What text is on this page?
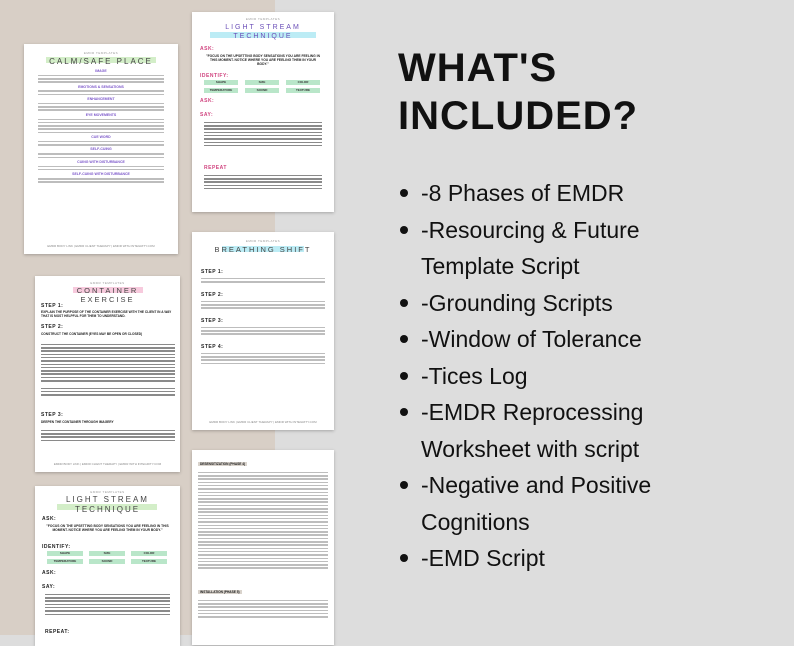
EMDR TEMPLATES
CALM/SAFE PLACE
IMAGE
EMOTIONS & SENSATIONS
ENHANCEMENT
EYE MOVEMENTS
CUE WORD
SELF-CUING
CUING WITH DISTURBANCE
SELF-CUING WITH DISTURBANCE
EMDR BODY LINK | EMDR CLIENT THERAPY | EMDR WITH INTEGRITY.COM
EMDR TEMPLATES
LIGHT STREAM TECHNIQUE
ASK:
"FOCUS ON THE UPSETTING BODY SENSATIONS YOU ARE FEELING IN THIS MOMENT. NOTICE WHERE YOU ARE FEELING THEM IN YOUR BODY."
IDENTIFY:
SHAPE	SIZE	COLOR
TEMPERATURE	SOUND	TEXTURE
ASK:
SAY:
REPEAT
EMDR TEMPLATES
CONTAINER
EXERCISE
STEP 1:
EXPLAIN THE PURPOSE OF THE CONTAINER EXERCISE WITH THE CLIENT IN A WAY THAT IS MOST HELPFUL FOR THEM TO UNDERSTAND.
STEP 2:
CONSTRUCT THE CONTAINER (EYES MAY BE OPEN OR CLOSED)
STEP 3:
DEEPEN THE CONTAINER THROUGH IMAGERY
EMDR BODY LINK | EMDR CLIENT THERAPY | EMDR WITH INTEGRITY.COM
EMDR TEMPLATES
BREATHING SHIFT
STEP 1:
STEP 2:
STEP 3:
STEP 4:
EMDR BODY LINK | EMDR CLIENT THERAPY | EMDR WITH INTEGRITY.COM
EMDR TEMPLATES
LIGHT STREAM TECHNIQUE
ASK:
"FOCUS ON THE UPSETTING BODY SENSATIONS YOU ARE FEELING IN THIS MOMENT. NOTICE WHERE YOU ARE FEELING THEM IN YOUR BODY."
IDENTIFY:
SHAPE	SIZE	COLOR
TEMPERATURE	SOUND	TEXTURE
ASK:
SAY:
REPEAT:
DESENSITIZATION (PHASE 4)
INSTALLATION (PHASE 5)
WHAT'S
INCLUDED?
-8 Phases of EMDR
-Resourcing & Future
Template Script
-Grounding Scripts
-Window of Tolerance
-Tices Log
-EMDR Reprocessing
Worksheet with script
-Negative and Positive
Cognitions
-EMD Script
